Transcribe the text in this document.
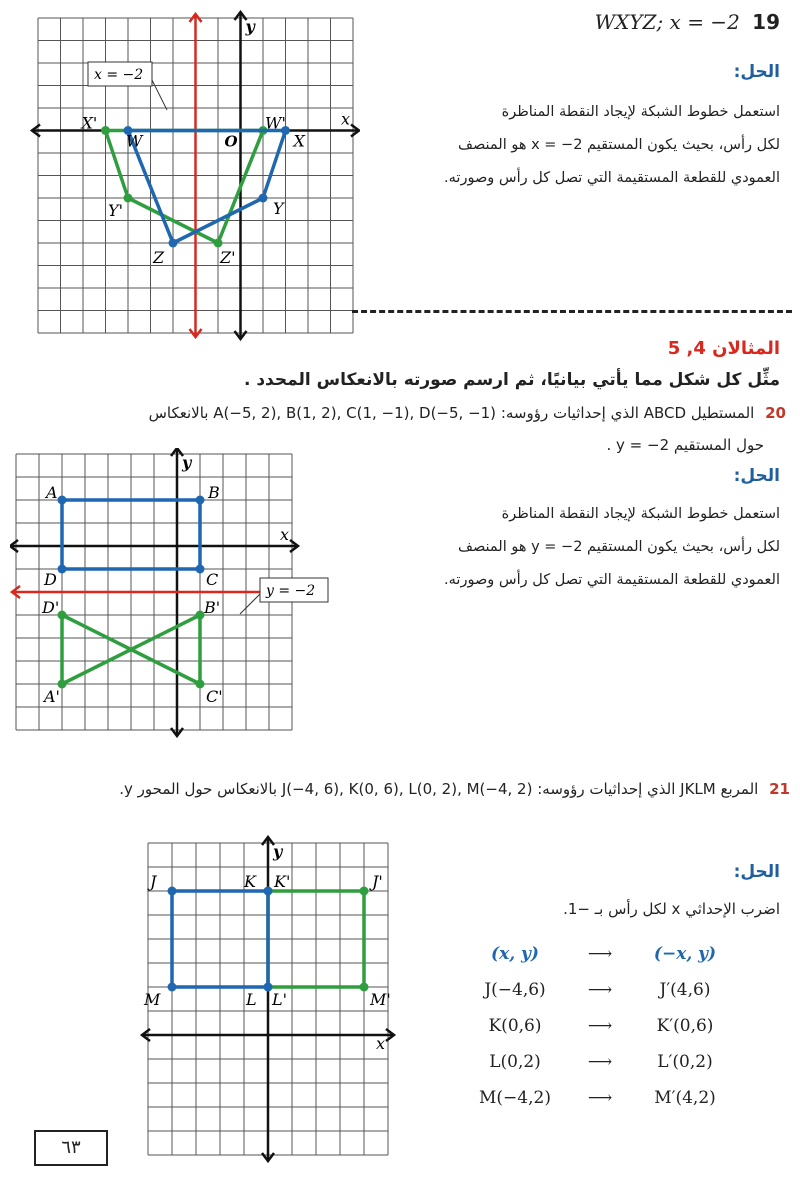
y
x
O
x = −2
W	X
Y
Z
W'
X'
Y'
Z'
WXYZ; x = −2 19
الحل:
استعمل خطوط الشبكة لإيجاد النقطة المناظرة
لكل رأس، بحيث يكون المستقيم x = −2 هو المنصف
العمودي للقطعة المستقيمة التي تصل كل رأس وصورته.
المثالان 4, 5
مثِّل كل شكل مما يأتي بيانيًا، ثم ارسم صورته بالانعكاس المحدد .
20 المستطيل ABCD الذي إحداثيات رؤوسه: A(−5, 2), B(1, 2), C(1, −1), D(−5, −1) بالانعكاس
حول المستقيم y = −2 .
y
x
y = −2
A	B
C
D
A'
B'
C'
D'
الحل:
استعمل خطوط الشبكة لإيجاد النقطة المناظرة
لكل رأس، بحيث يكون المستقيم y = −2 هو المنصف
العمودي للقطعة المستقيمة التي تصل كل رأس وصورته.
21 المربع JKLM الذي إحداثيات رؤوسه: J(−4, 6), K(0, 6), L(0, 2), M(−4, 2) بالانعكاس حول المحور y.
y
x
J	K
L
M
J'
K'
L'	M'
الحل:
اضرب الإحداثي x لكل رأس بـ −1.
(x, y)	⟶	(−x, y)
J(−4,6)	⟶	J′(4,6)
K(0,6)	⟶	K′(0,6)
L(0,2)	⟶	L′(0,2)
M(−4,2)	⟶	M′(4,2)
٦٣
